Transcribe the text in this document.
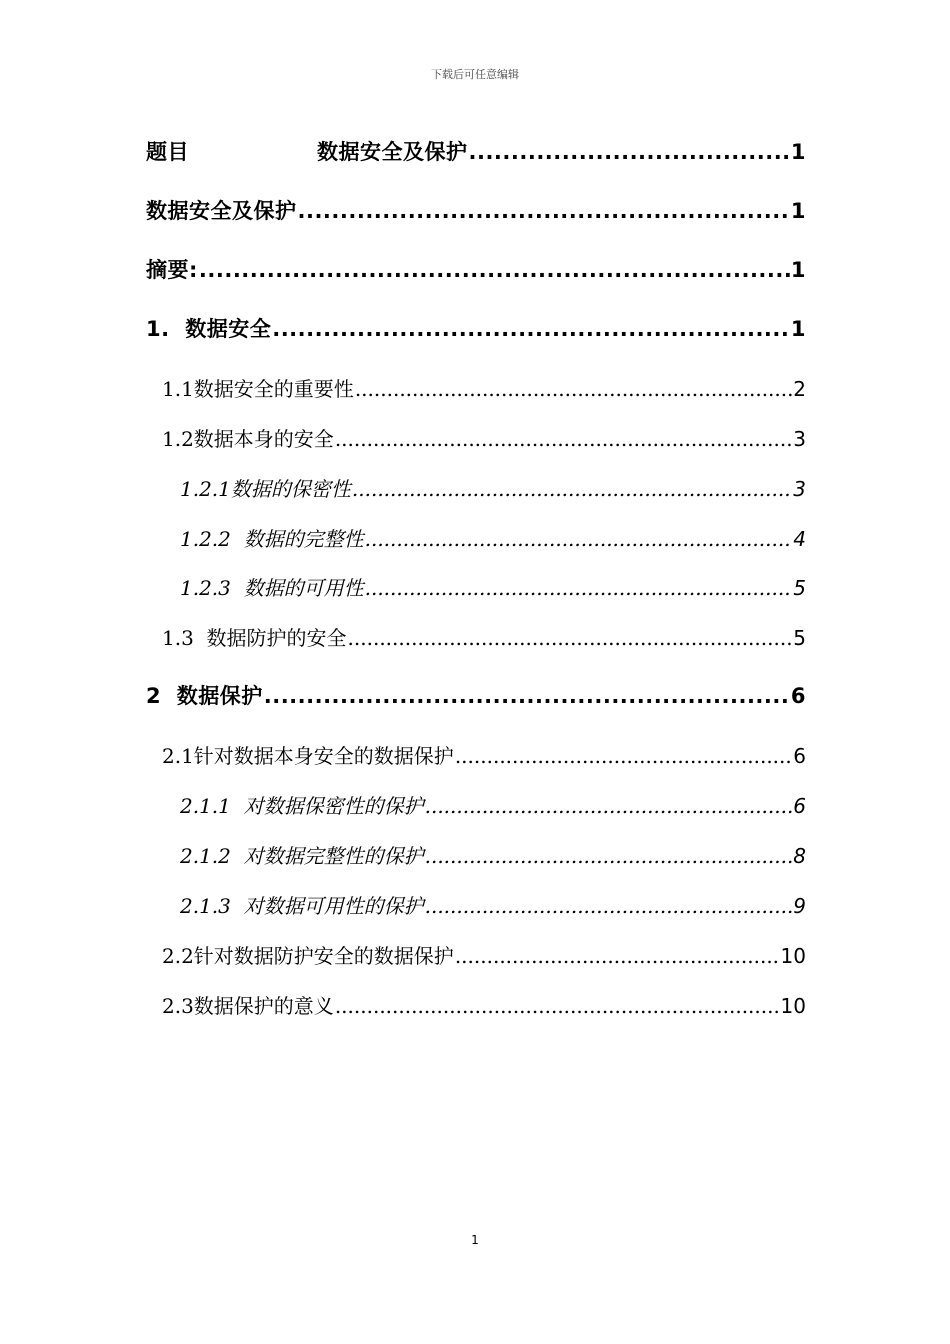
下载后可任意编辑
题目	数据安全及保护 .....	1
数据安全及保护 .....	1
摘要: .....	1
1.  数据安全 .....	1
1.1数据安全的重要性 .....	2
1.2数据本身的安全 .....	3
1.2.1数据的保密性 .....	3
1.2.2  数据的完整性 .....	4
1.2.3  数据的可用性 .....	5
1.3  数据防护的安全 .....	5
2  数据保护 .....	6
2.1针对数据本身安全的数据保护 .....	6
2.1.1  对数据保密性的保护 .....	6
2.1.2  对数据完整性的保护 .....	8
2.1.3  对数据可用性的保护 .....	9
2.2针对数据防护安全的数据保护 .....	10
2.3数据保护的意义 .....	10
1
